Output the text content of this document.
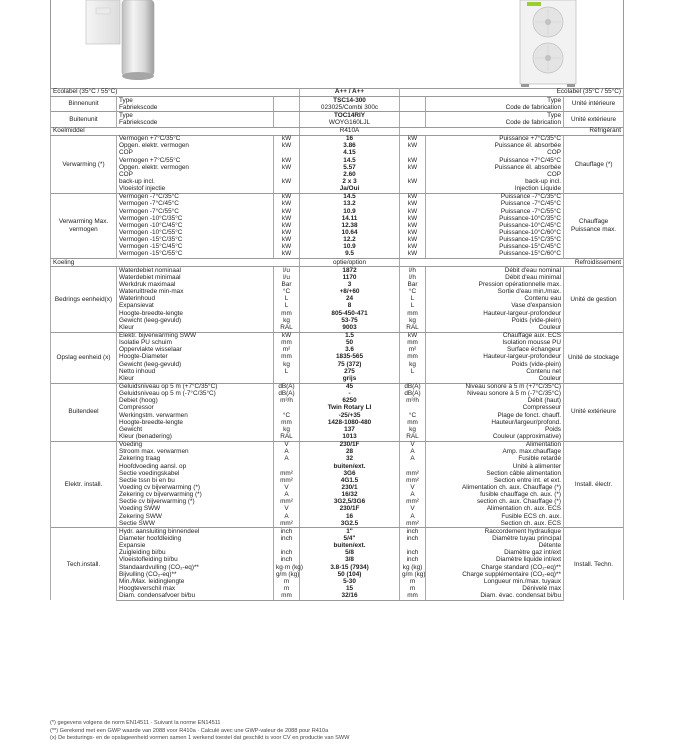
Ecolabel (35°C / 55°C)			A++ / A++	Ecolabel (35°C / 55°C)		
Binnenunit	Type		TSC14-300		Type	Unité intérieure
	Fabriekscode		023025/Combi 300c		Code de fabrication	
Buitenunit	Type		TOC14RIY		Type	Unité extérieure
	Fabriekscode		WOYG160LJL		Code de fabrication	
Koelmiddel			R410A	Réfrigérant		
Verwarming (*)	Vermogen +7°C/35°C	kW	16	kW	Puissance +7°C/35°C	Chauffage (*)
	Opgen. elektr. vermogen	kW	3.86	kW	Puissance él. absorbée	
	COP		4.15		COP	
	Vermogen +7°C/55°C	kW	14.5	kW	Puissance +7°C/45°C	
	Opgen. elektr. vermogen	kW	5.57	kW	Puissance él. absorbée	
	COP		2.60		COP	
	back-up incl.	kW	2 x 3	kW	back-up incl.	
	Vloeistof injectie		Ja/Oui		Injection Liquide	
Verwarming Max. vermogen	Vermogen -7°C/35°C	kW	14.5	kW	Puissance -7°C/35°C	Chauffage Puissance max.
	Vermogen -7°C/45°C	kW	13.2	kW	Puissance -7°C/45°C	
	Vermogen -7°C/55°C	kW	10.9	kW	Puissance -7°C/55°C	
	Vermogen -10°C/35°C	kW	14.11	kW	Puissance-10°C/35°C	
	Vermogen -10°C/45°C	kW	12.38	kW	Puissance-10°C/45°C	
	Vermogen -10°C/55°C	kW	10.64	kW	Puissance-10°C/60°C	
	Vermogen -15°C/35°C	kW	12.2	kW	Puissance-15°C/35°C	
	Vermogen -15°C/45°C	kW	10.9	kW	Puissance-15°C/45°C	
	Vermogen -15°C/55°C	kW	9.5	kW	Puissance-15°C/60°C	
Koeling			optie/option	Refroidissement		
Bedrings eenheid(x)	Waterdebiet nominaal	l/u	1872	l/h	Débit d'eau nominal	Unité de gestion
	Waterdebiet minimaal	l/u	1170	l/h	Débit d'eau minimal	
	Werkdruk maximaal	Bar	3	Bar	Pression opérationnelle max.	
	Wateruittrede min-max	°C	+8/+60	°C	Sortie d'eau min./max.	
	Waterinhoud	L	24	L	Contenu eau	
	Expansievat	L	8	L	Vase d'expansion	
	Hoogte-breedte-lengte	mm	805-450-471	mm	Hauteur-largeur-profondeur	
	Gewicht (leeg-gevuld)	kg	53-75	kg	Poids (vide-plein)	
	Kleur	RAL	9003	RAL	Couleur	
Opslag eenheid (x)	Elektr. bijverwarming SWW	kW	1.5	kW	Chauffage aux. ECS	Unité de stockage
	Isolatie PU schuim	mm	50	mm	Isolation mousse PU	
	Oppervlakte wisselaar	m²	3.6	m²	Surface échangeur	
	Hoogte-Diameter	mm	1835-565	mm	Hauteur-largeur-profondeur	
	Gewicht (leeg-gevuld)	kg	75 (372)	kg	Poids (vide-plein)	
	Netto inhoud	L	275	L	Contenu net	
	Kleur		grijs		Couleur	
Buitendeel	Geluidsniveau op 5 m (+7°C/35°C)	dB(A)	45	dB(A)	Niveau sonore à 5 m (+7°C/35°C)	Unité extérieure
	Geluidsniveau op 5 m (-7°C/35°C)	dB(A)	-	dB(A)	Niveau sonore à 5 m (-7°C/35°C)	
	Debiet (hoog)	m³/h	6250	m³/h	Débit (haut)	
	Compressor		Twin Rotary LI		Compresseur	
	Werkingstm. verwarmen	°C	-25/+35	°C	Plage de fonct. chauff.	
	Hoogte-breedte-lengte	mm	1428-1080-480	mm	Hauteur/largeur/profond.	
	Gewicht	kg	137	kg	Poids	
	Kleur (benadering)	RAL	1013	RAL	Couleur (approximative)	
Elektr. install.	Voeding	V	230/1F	V	Alimentation	Install. électr.
	Stroom max. verwarmen	A	28	A	Amp. max.chauffage	
	Zekering traag	A	32	A	Fusible retardé	
	Hoofdvoeding aansl. op		buiten/ext.		Unité à alimenter	
	Sectie voedingskabel	mm²	3G6	mm²	Section câble alimentation	
	Sectie tssn bi en bu	mm²	4G1.5	mm²	Section entre int. et ext.	
	Voeding cv bijverwarming (*)	V	230/1	V	Alimentation ch. aux. Chauffage (*)	
	Zekering cv bijverwarming (*)	A	16/32	A	fusible chauffage ch. aux. (*)	
	Sectie cv bijverwarming (*)	mm²	3G2,5/3G6	mm²	section ch. aux. Chauffage (*)	
	Voeding SWW	V	230/1F	V	Alimentation ch. aux. ECS	
	Zekering SWW	A	16	A	Fusible ECS ch. aux.	
	Sectie SWW	mm²	3G2.5	mm²	Section ch. aux. ECS	
Tech.install.	Hydr. aansluiting binnendeel	inch	1"	inch	Raccordement hydraulique	Install. Techn.
	Diameter hoofdleiding	inch	5/4"	inch	Diamètre tuyau principal	
	Expansie		buiten/ext.		Détente	
	Zuigleiding bi/bu	inch	5/8	inch	Diamètre gaz int/ext	
	Vloeistofleiding bi/bu	inch	3/8	inch	Diamètre liquide int/ext	
	Standaardvulling (CO₂-eq)**	kg·m (kg)	3.8-15 (7934)	kg (kg)	Charge standard (CO₂-eq)**	
	Bijvulling (CO₂-eq)**	g/m (kg)	50 (104)	g/m (kg)	Charge supplémentaire (CO₂-eq)**	
	Min./Max. leidinglengte	m	5-30	m	Longueur min./max. tuyaux	
	Hoogteverschil max	m	15	m	Dénivelé max	
	Diam. condensafvoer bi/bu	mm	32/16	mm	Diam. évac. condensat bi/bu	
(*) gegevens volgens de norm EN14511 · Suivant la norme EN14511
(**) Gerekend met een GWP waarde van 2088 voor R410a · Calculé avec une GWP-valeur de 2088 pour R410a
(x) De besturings- en de opslageenheid vormen samen 1 werkend toestel dat geschikt is voor CV en productie van SWW
